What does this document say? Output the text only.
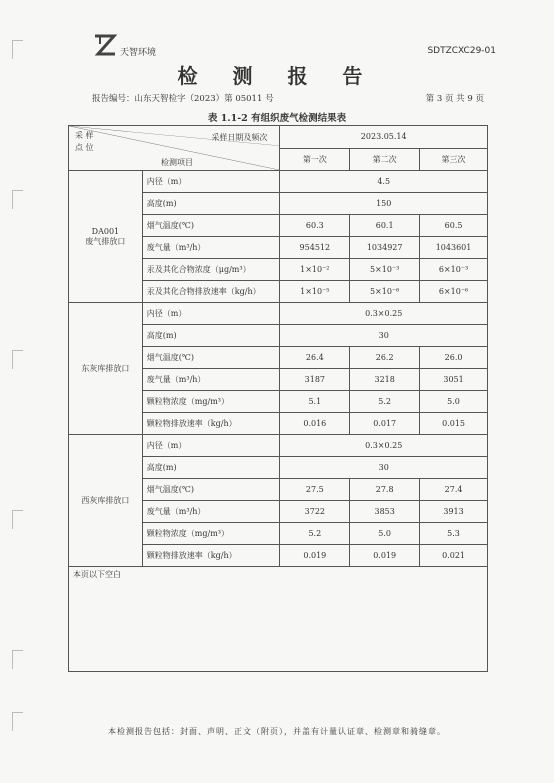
天智环境	SDTZCXC29-01
检 测 报 告
报告编号：山东天智检字（2023）第 05011 号	第 3 页 共 9 页
表 1.1-2 有组织废气检测结果表
采样日期及频次
采 样
点 位
检测项目		2023.05.14		
		第一次	第二次	第三次

DA001
废气排放口	内径（m）	4.5		
	高度(m)	150		
	烟气温度(℃)	60.3	60.1	60.5
	废气量（m³/h）	954512	1034927	1043601
	汞及其化合物浓度（μg/m³）	1×10⁻²	5×10⁻³	6×10⁻³
	汞及其化合物排放速率（kg/h）	1×10⁻⁵	5×10⁻⁶	6×10⁻⁶

东灰库排放口	内径（m）	0.3×0.25		
	高度(m)	30		
	烟气温度(℃)	26.4	26.2	26.0
	废气量（m³/h）	3187	3218	3051
	颗粒物浓度（mg/m³）	5.1	5.2	5.0
	颗粒物排放速率（kg/h）	0.016	0.017	0.015

西灰库排放口	内径（m）	0.3×0.25		
	高度(m)	30		
	烟气温度(℃)	27.5	27.8	27.4
	废气量（m³/h）	3722	3853	3913
	颗粒物浓度（mg/m³）	5.2	5.0	5.3
	颗粒物排放速率（kg/h）	0.019	0.019	0.021
本页以下空白				
本检测报告包括：封面、声明、正文（附页），并盖有计量认证章、检测章和骑缝章。
